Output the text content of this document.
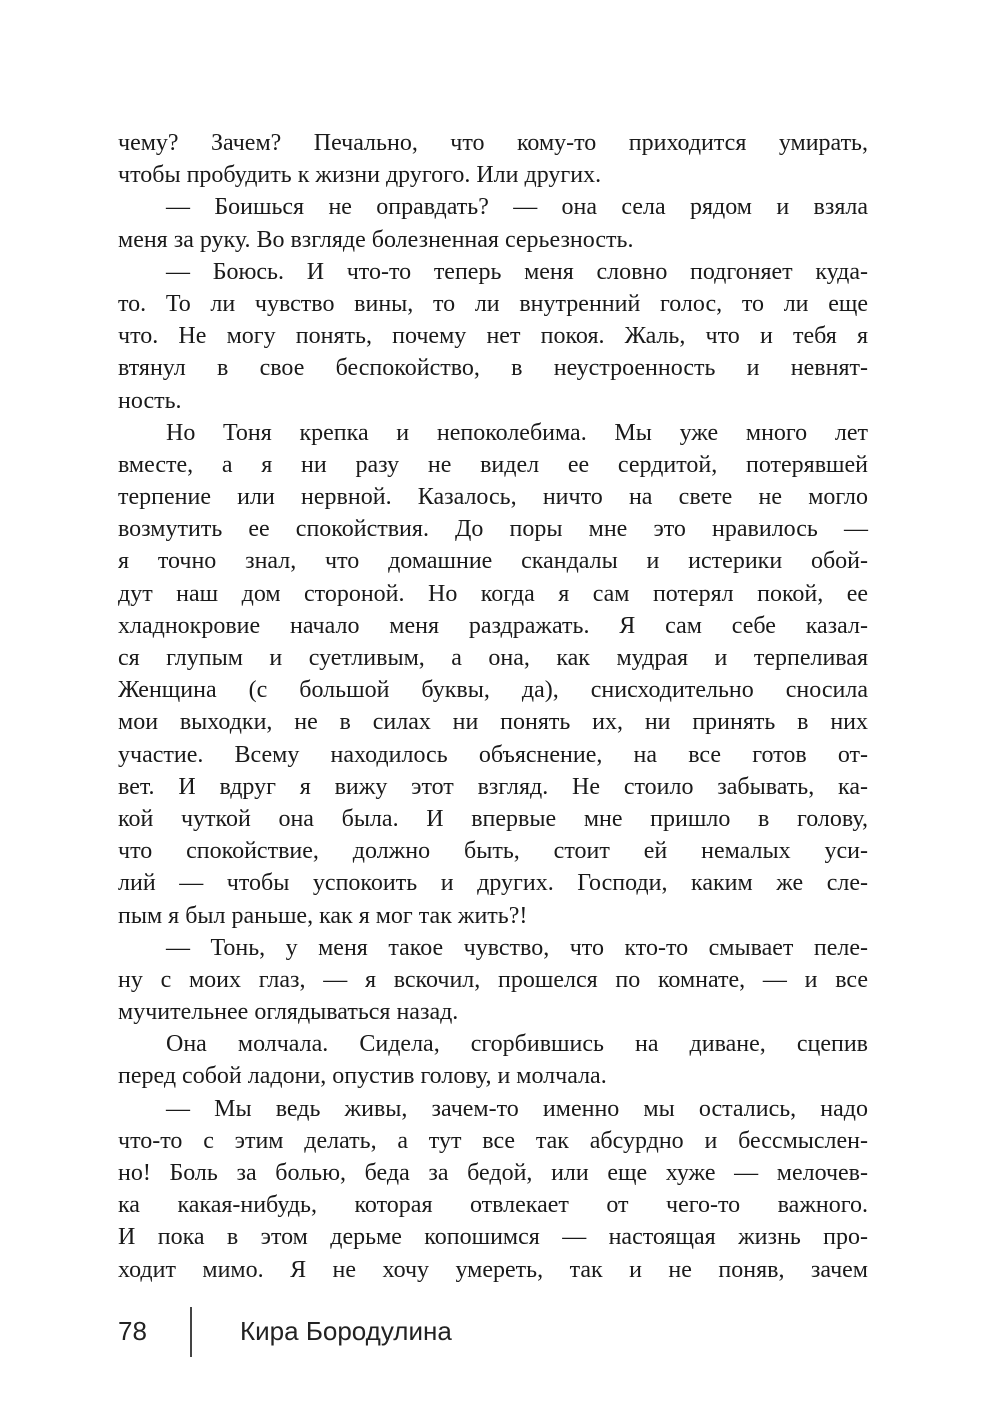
чему? Зачем? Печально, что кому-то приходится умирать,
чтобы пробудить к жизни другого. Или других.
— Боишься не оправдать? — она села рядом и взяла
меня за руку. Во взгляде болезненная серьезность.
— Боюсь. И что-то теперь меня словно подгоняет куда-
то. То ли чувство вины, то ли внутренний голос, то ли еще
что. Не могу понять, почему нет покоя. Жаль, что и тебя я
втянул в свое беспокойство, в неустроенность и невнят-
ность.
Но Тоня крепка и непоколебима. Мы уже много лет
вместе, а я ни разу не видел ее сердитой, потерявшей
терпение или нервной. Казалось, ничто на свете не могло
возмутить ее спокойствия. До поры мне это нравилось —
я точно знал, что домашние скандалы и истерики обой-
дут наш дом стороной. Но когда я сам потерял покой, ее
хладнокровие начало меня раздражать. Я сам себе казал-
ся глупым и суетливым, а она, как мудрая и терпеливая
Женщина (с большой буквы, да), снисходительно сносила
мои выходки, не в силах ни понять их, ни принять в них
участие. Всему находилось объяснение, на все готов от-
вет. И вдруг я вижу этот взгляд. Не стоило забывать, ка-
кой чуткой она была. И впервые мне пришло в голову,
что спокойствие, должно быть, стоит ей немалых уси-
лий — чтобы успокоить и других. Господи, каким же сле-
пым я был раньше, как я мог так жить?!
— Тонь, у меня такое чувство, что кто-то смывает пеле-
ну с моих глаз, — я вскочил, прошелся по комнате, — и все
мучительнее оглядываться назад.
Она молчала. Сидела, сгорбившись на диване, сцепив
перед собой ладони, опустив голову, и молчала.
— Мы ведь живы, зачем-то именно мы остались, надо
что-то с этим делать, а тут все так абсурдно и бессмыслен-
но! Боль за болью, беда за бедой, или еще хуже — мелочев-
ка какая-нибудь, которая отвлекает от чего-то важного.
И пока в этом дерьме копошимся — настоящая жизнь про-
ходит мимо. Я не хочу умереть, так и не поняв, зачем
78	Кира Бородулина
